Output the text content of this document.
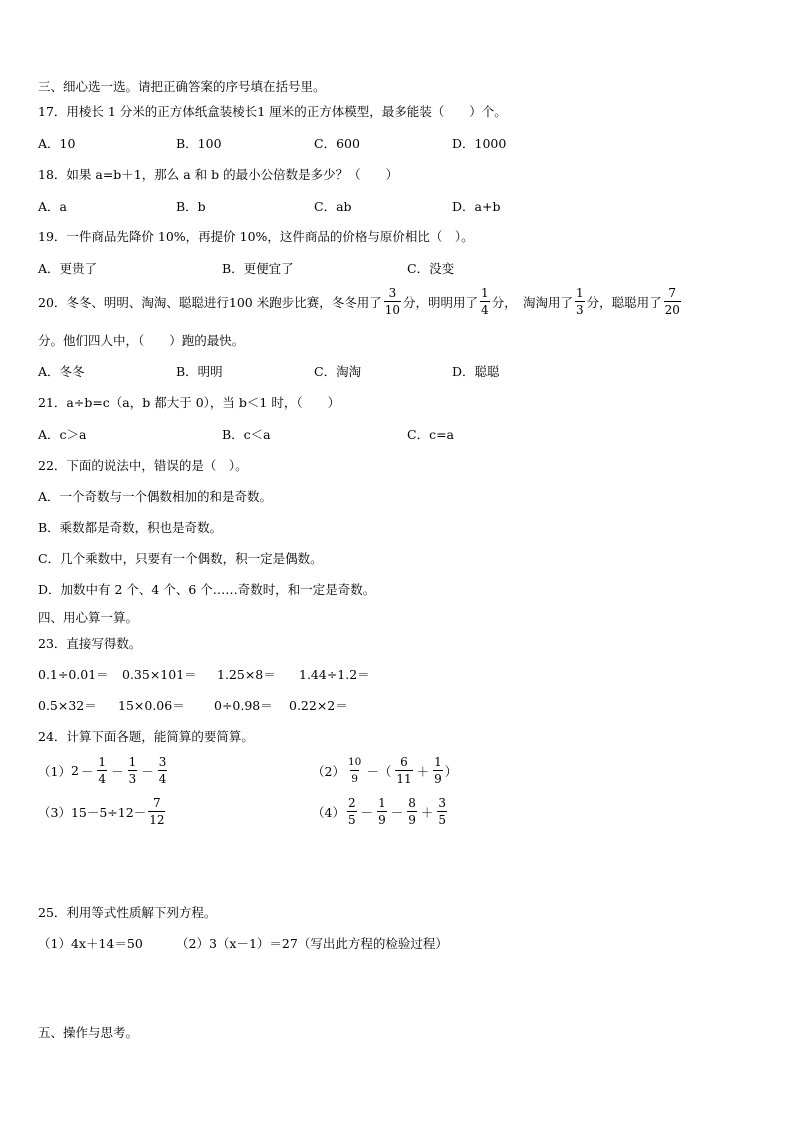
三、细心选一选。请把正确答案的序号填在括号里。
17．用棱长 1 分米的正方体纸盒装棱长1 厘米的正方体模型，最多能装（　　）个。
A．10	B．100	C．600	D．1000
18．如果 a=b＋1，那么 a 和 b 的最小公倍数是多少？（　　）
A．a	B．b	C．ab	D．a+b
19．一件商品先降价 10%，再提价 10%，这件商品的价格与原价相比（　）。
A．更贵了	B．更便宜了	C．没变
20．冬冬、明明、淘淘、聪聪进行100 米跑步比赛，冬冬用了 $\frac{3}{10}$ 分，明明用了 $\frac{1}{4}$ 分，　淘淘用了 $\frac{1}{3}$ 分，聪聪用了 $\frac{7}{20}$
分。他们四人中，（　　）跑的最快。
A．冬冬	B．明明	C．淘淘	D．聪聪
21．a÷b=c（a，b 都大于 0），当 b＜1 时，（　　）
A．c＞a	B．c＜a	C．c=a
22．下面的说法中，错误的是（　）。
A．一个奇数与一个偶数相加的和是奇数。
B．乘数都是奇数，积也是奇数。
C．几个乘数中，只要有一个偶数，积一定是偶数。
D．加数中有 2 个、4 个、6 个……奇数时，和一定是奇数。
四、用心算一算。
23．直接写得数。
0.1÷0.01＝ 0.35×101＝ 1.25×8＝ 1.44÷1.2＝
0.5×32＝ 15×0.06＝ 0÷0.98＝ 0.22×2＝
24．计算下面各题，能简算的要简算。
（1） $2 - \frac{1}{4} - \frac{1}{3} - \frac{3}{4}$	$(2) \frac{10}{9}$ －（ $\frac{6}{11} + \frac{1}{9}$ ）
（3） $15-5\div 12- \frac{7}{12}$	$(4) \frac{2}{5} - \frac{1}{9} - \frac{8}{9} + \frac{3}{5}$
25．利用等式性质解下列方程。
（1）4x＋14＝50	（2）3（x－1）＝27（写出此方程的检验过程）
五、操作与思考。
